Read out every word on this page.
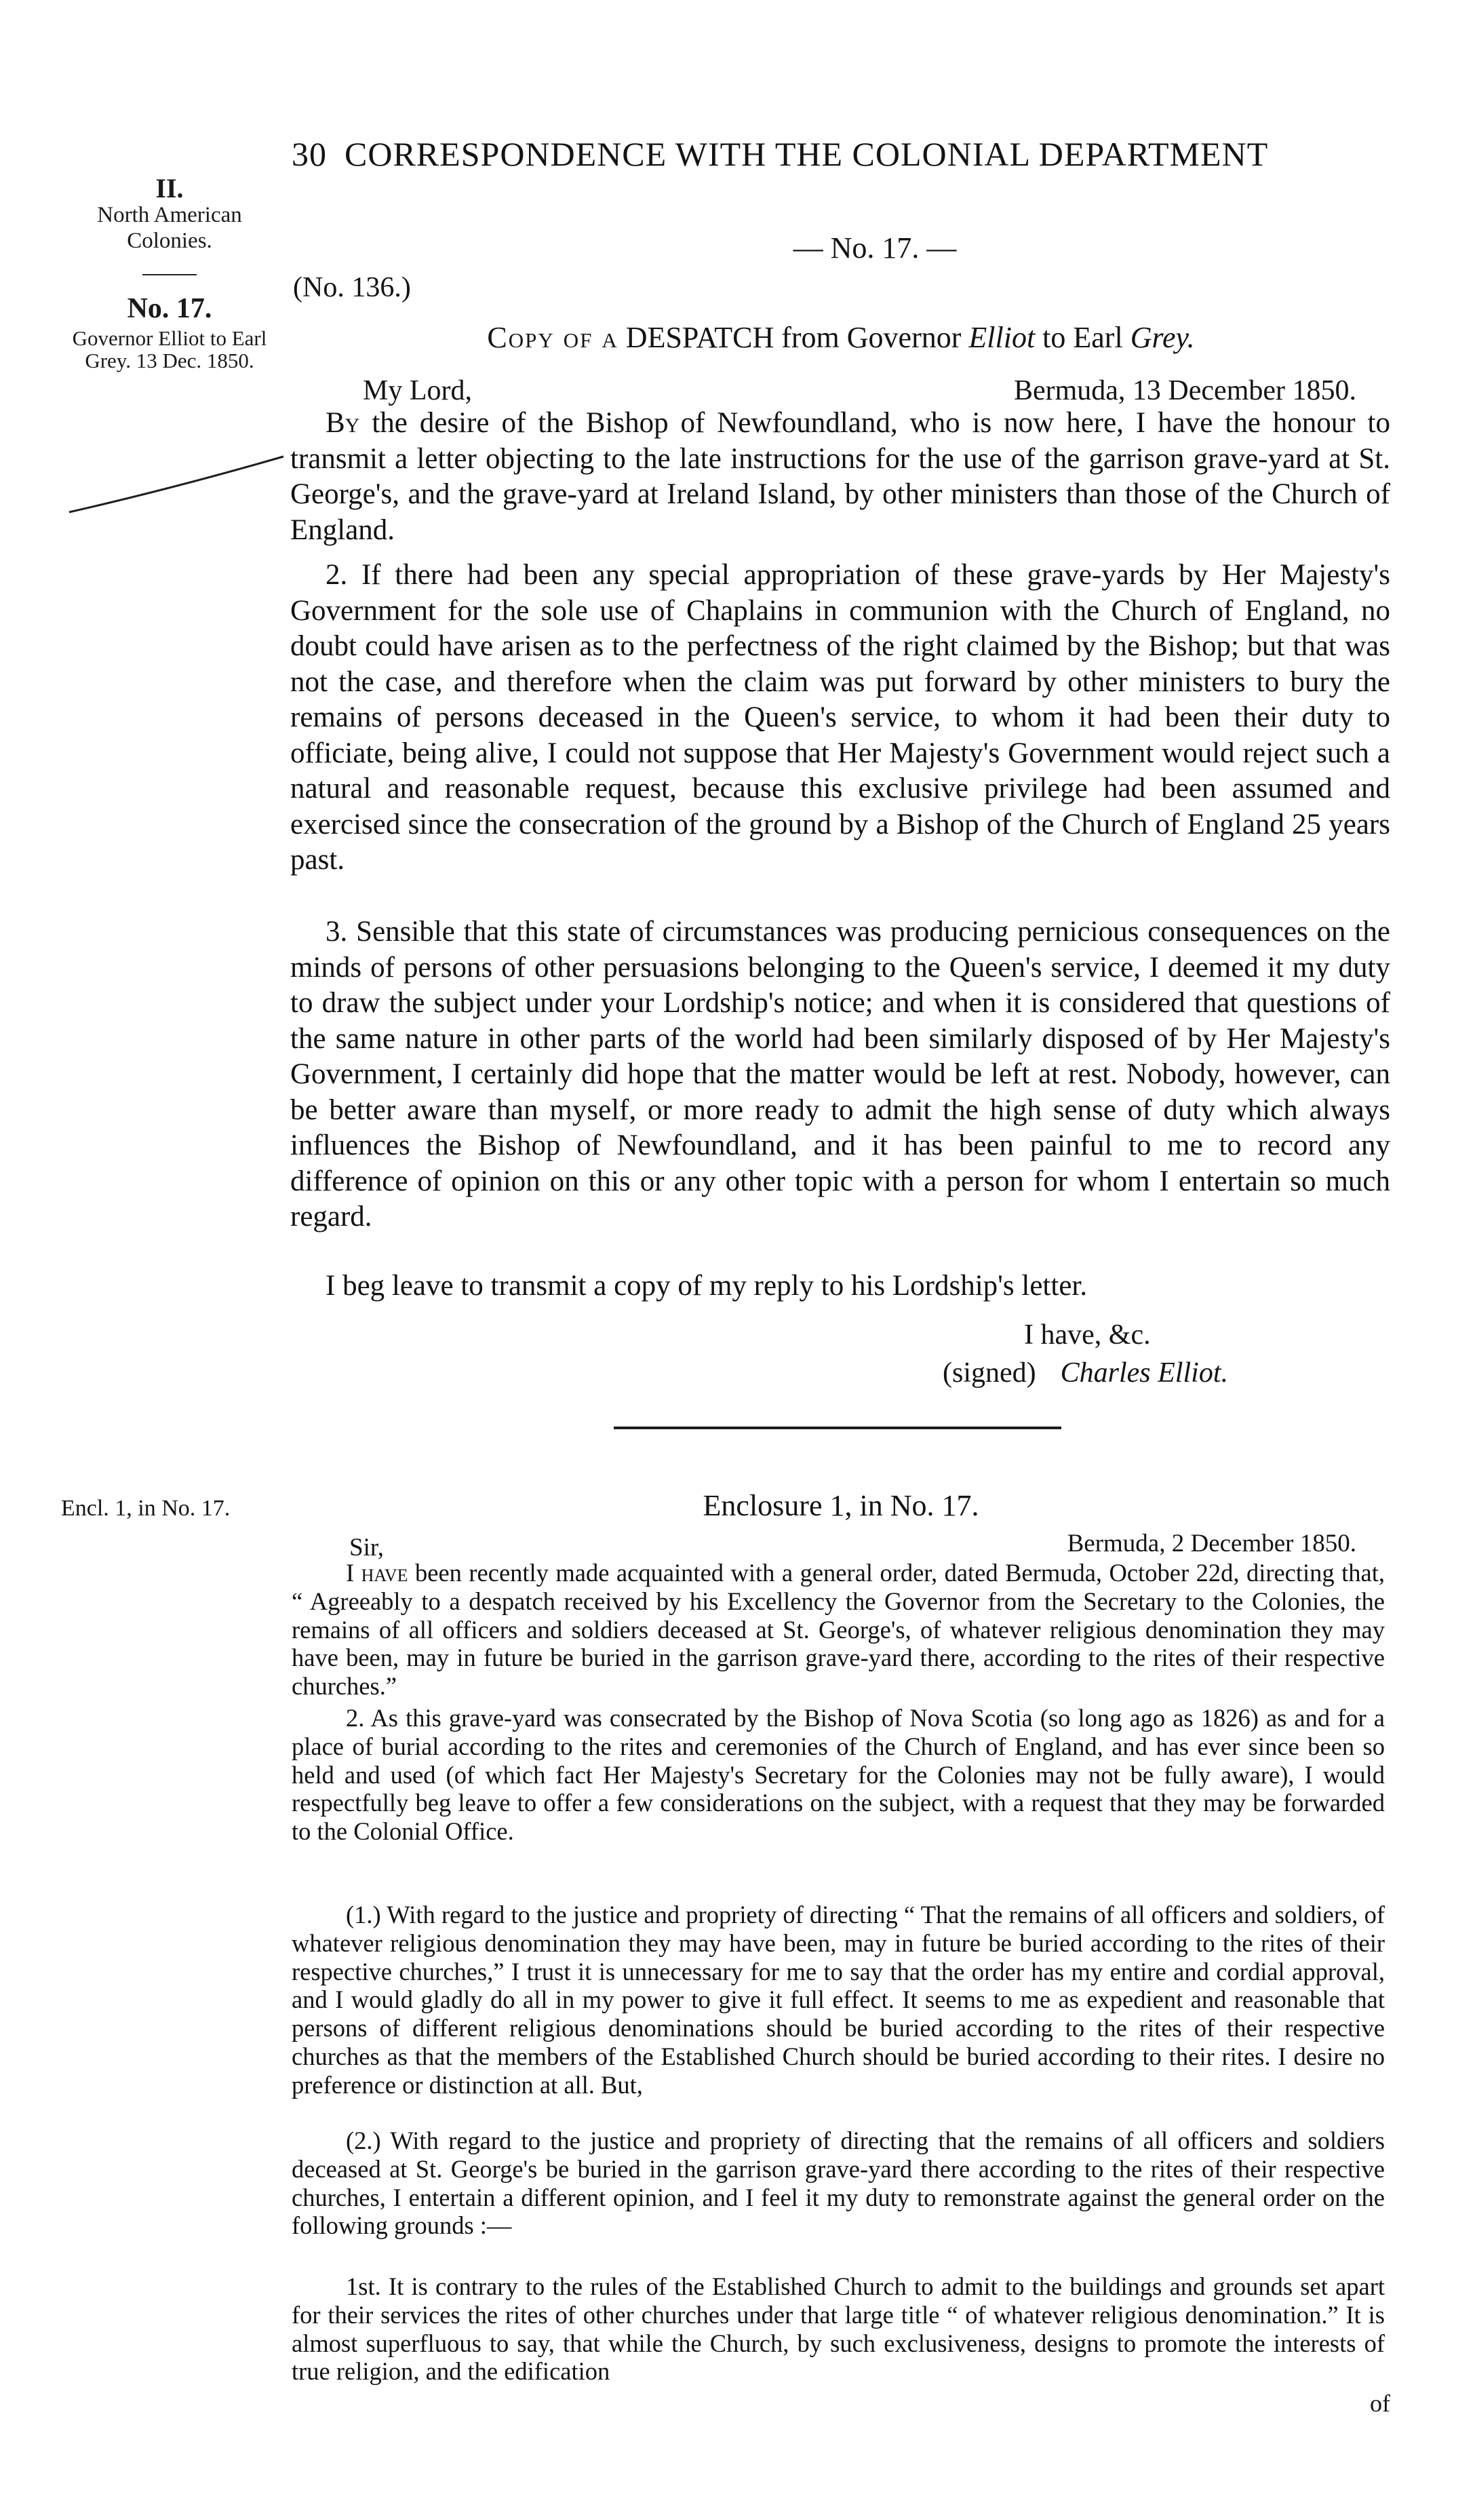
30 CORRESPONDENCE WITH THE COLONIAL DEPARTMENT
II.
North American Colonies.
No. 17.
Governor Elliot to Earl Grey. 13 Dec. 1850.
— No. 17. —
(No. 136.)
Copy of a DESPATCH from Governor Elliot to Earl Grey.
My Lord,	Bermuda, 13 December 1850.
By the desire of the Bishop of Newfoundland, who is now here, I have the honour to transmit a letter objecting to the late instructions for the use of the garrison grave-yard at St. George's, and the grave-yard at Ireland Island, by other ministers than those of the Church of England.
2. If there had been any special appropriation of these grave-yards by Her Majesty's Government for the sole use of Chaplains in communion with the Church of England, no doubt could have arisen as to the perfectness of the right claimed by the Bishop; but that was not the case, and therefore when the claim was put forward by other ministers to bury the remains of persons deceased in the Queen's service, to whom it had been their duty to officiate, being alive, I could not suppose that Her Majesty's Government would reject such a natural and reasonable request, because this exclusive privilege had been assumed and exercised since the consecration of the ground by a Bishop of the Church of England 25 years past.
3. Sensible that this state of circumstances was producing pernicious consequences on the minds of persons of other persuasions belonging to the Queen's service, I deemed it my duty to draw the subject under your Lordship's notice; and when it is considered that questions of the same nature in other parts of the world had been similarly disposed of by Her Majesty's Government, I certainly did hope that the matter would be left at rest. Nobody, however, can be better aware than myself, or more ready to admit the high sense of duty which always influences the Bishop of Newfoundland, and it has been painful to me to record any difference of opinion on this or any other topic with a person for whom I entertain so much regard.
I beg leave to transmit a copy of my reply to his Lordship's letter.
I have, &c.
(signed) Charles Elliot.
Encl. 1, in No. 17.	Enclosure 1, in No. 17.
Sir,	Bermuda, 2 December 1850.
I have been recently made acquainted with a general order, dated Bermuda, October 22d, directing that, “ Agreeably to a despatch received by his Excellency the Governor from the Secretary to the Colonies, the remains of all officers and soldiers deceased at St. George's, of whatever religious denomination they may have been, may in future be buried in the garrison grave-yard there, according to the rites of their respective churches.”
2. As this grave-yard was consecrated by the Bishop of Nova Scotia (so long ago as 1826) as and for a place of burial according to the rites and ceremonies of the Church of England, and has ever since been so held and used (of which fact Her Majesty's Secretary for the Colonies may not be fully aware), I would respectfully beg leave to offer a few considerations on the subject, with a request that they may be forwarded to the Colonial Office.
(1.) With regard to the justice and propriety of directing “ That the remains of all officers and soldiers, of whatever religious denomination they may have been, may in future be buried according to the rites of their respective churches,” I trust it is unnecessary for me to say that the order has my entire and cordial approval, and I would gladly do all in my power to give it full effect. It seems to me as expedient and reasonable that persons of different religious denominations should be buried according to the rites of their respective churches as that the members of the Established Church should be buried according to their rites. I desire no preference or distinction at all. But,
(2.) With regard to the justice and propriety of directing that the remains of all officers and soldiers deceased at St. George's be buried in the garrison grave-yard there according to the rites of their respective churches, I entertain a different opinion, and I feel it my duty to remonstrate against the general order on the following grounds :—
1st. It is contrary to the rules of the Established Church to admit to the buildings and grounds set apart for their services the rites of other churches under that large title “ of whatever religious denomination.” It is almost superfluous to say, that while the Church, by such exclusiveness, designs to promote the interests of true religion, and the edification
of
